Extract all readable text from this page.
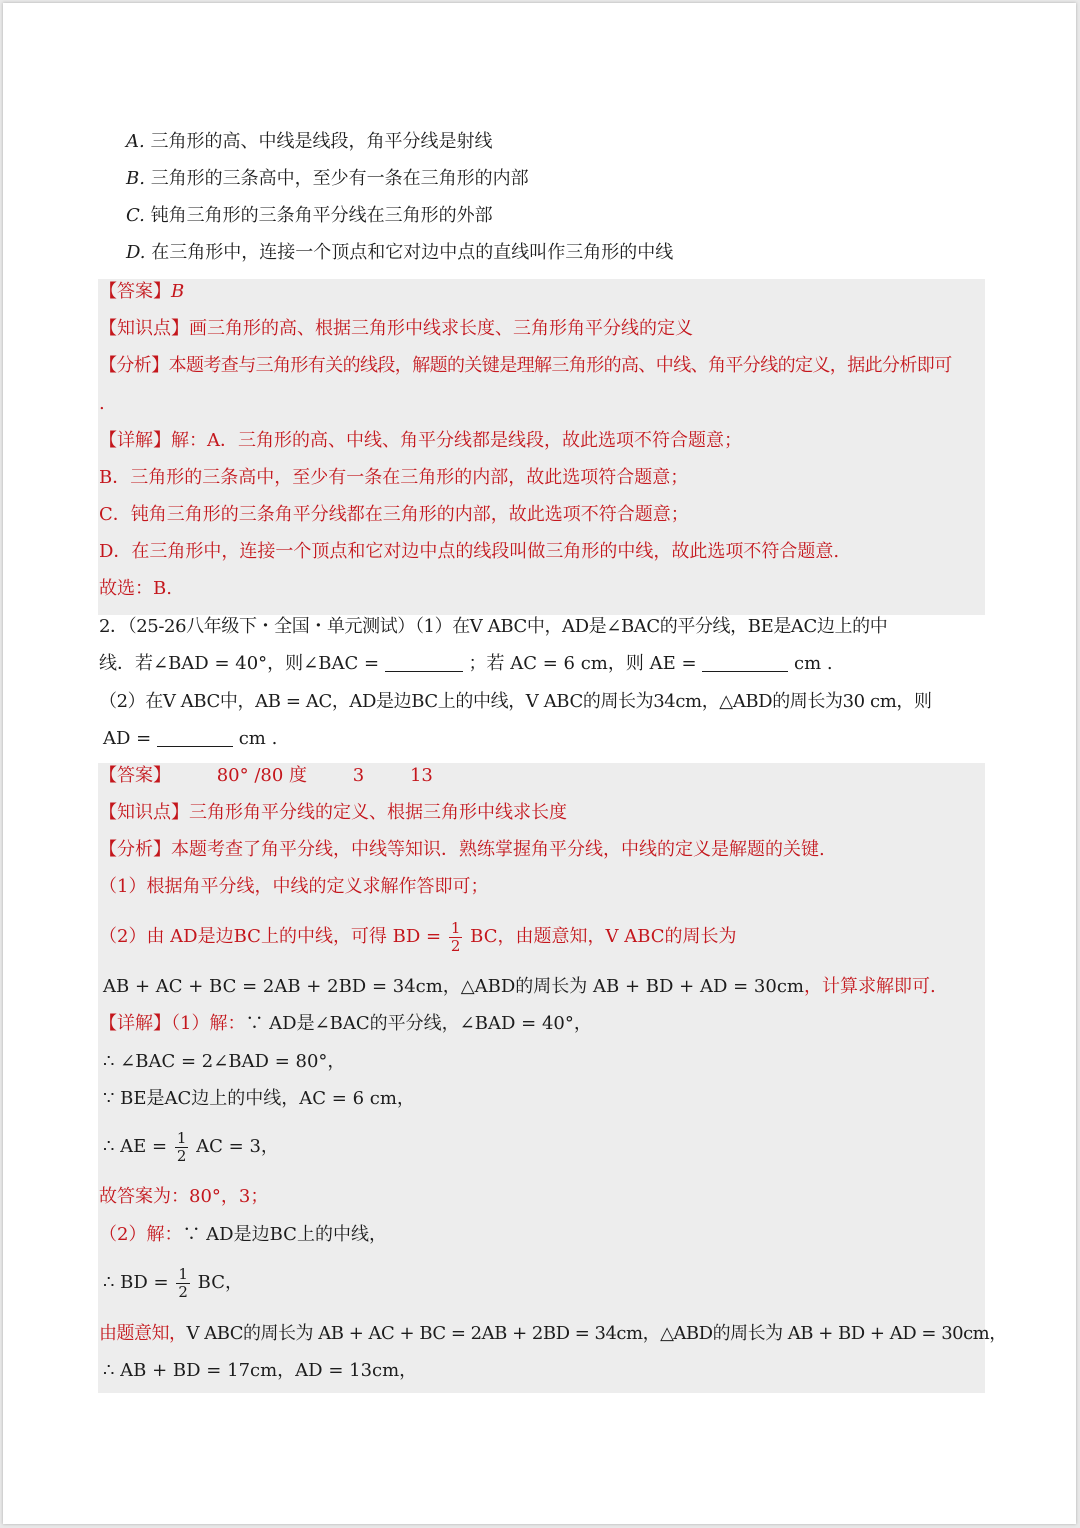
A. 三角形的高、中线是线段，角平分线是射线
B. 三角形的三条高中，至少有一条在三角形的内部
C. 钝角三角形的三条角平分线在三角形的外部
D. 在三角形中，连接一个顶点和它对边中点的直线叫作三角形的中线
【答案】B
【知识点】画三角形的高、根据三角形中线求长度、三角形角平分线的定义
【分析】本题考查与三角形有关的线段，解题的关键是理解三角形的高、中线、角平分线的定义，据此分析即可
.
【详解】解：A．三角形的高、中线、角平分线都是线段，故此选项不符合题意；
B．三角形的三条高中，至少有一条在三角形的内部，故此选项符合题意；
C．钝角三角形的三条角平分线都在三角形的内部，故此选项不符合题意；
D．在三角形中，连接一个顶点和它对边中点的线段叫做三角形的中线，故此选项不符合题意.
故选：B.
2．（25-26八年级下・全国・单元测试）（1）在V ABC中，AD是∠BAC的平分线，BE是AC边上的中
线．若∠BAD = 40°，则∠BAC =	；若 AC = 6 cm，则 AE =	cm .
（2）在V ABC中，AB = AC，AD是边BC上的中线，V ABC的周长为34cm，△ABD的周长为30 cm，则
AD =	cm .
【答案】	80° /80 度	3	13
【知识点】三角形角平分线的定义、根据三角形中线求长度
【分析】本题考查了角平分线，中线等知识．熟练掌握角平分线，中线的定义是解题的关键.
（1）根据角平分线，中线的定义求解作答即可；
（2）由 AD是边BC上的中线，可得 BD = $\frac{1}{2}$ BC，由题意知，V ABC的周长为
AB + AC + BC = 2AB + 2BD = 34cm，△ABD的周长为 AB + BD + AD = 30cm，计算求解即可.
【详解】（1）解：∵ AD是∠BAC的平分线，∠BAD = 40°，
∴ ∠BAC = 2∠BAD = 80°，
∵ BE是AC边上的中线，AC = 6 cm，
∴ AE = $\frac{1}{2}$ AC = 3，
故答案为：80°，3；
（2）解：∵ AD是边BC上的中线，
∴ BD = $\frac{1}{2}$ BC，
由题意知，V ABC的周长为 AB + AC + BC = 2AB + 2BD = 34cm，△ABD的周长为 AB + BD + AD = 30cm，
∴ AB + BD = 17cm，AD = 13cm，
